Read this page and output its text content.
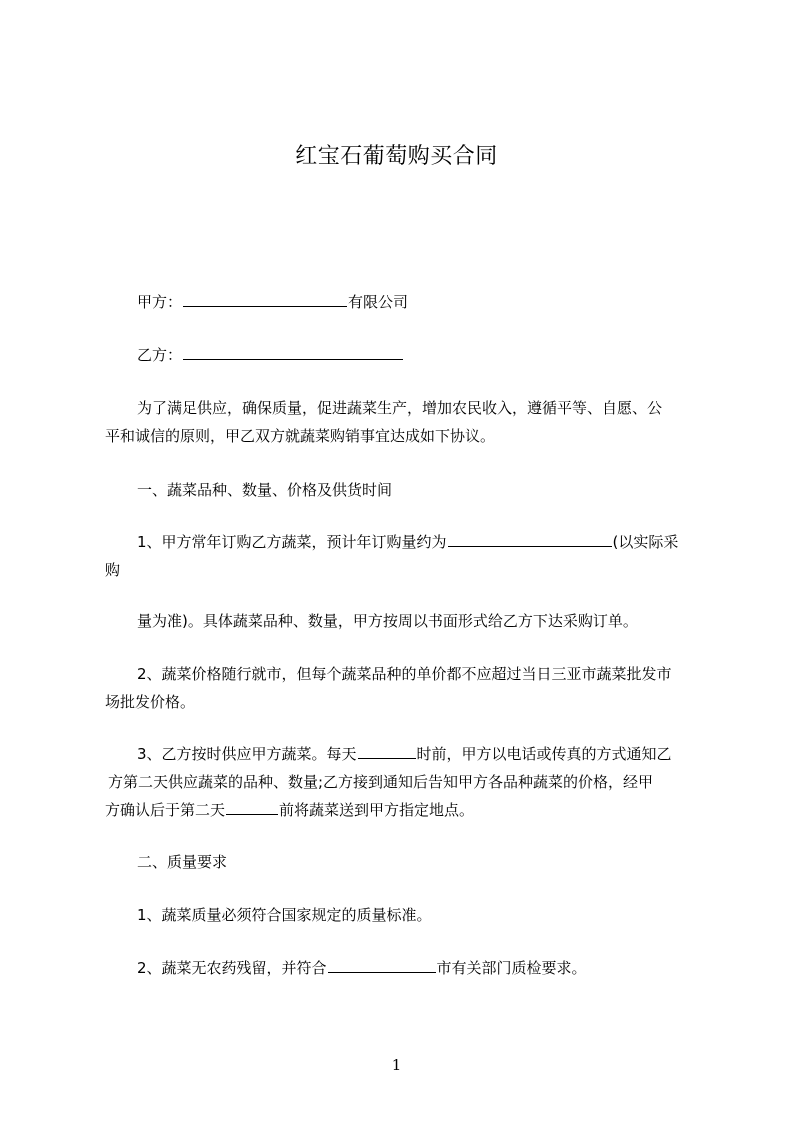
红宝石葡萄购买合同
甲方：	有限公司
乙方：
为了满足供应，确保质量，促进蔬菜生产，增加农民收入，遵循平等、自愿、公
平和诚信的原则，甲乙双方就蔬菜购销事宜达成如下协议。
一、蔬菜品种、数量、价格及供货时间
1、甲方常年订购乙方蔬菜，预计年订购量约为	(以实际采
购
量为准)。具体蔬菜品种、数量，甲方按周以书面形式给乙方下达采购订单。
2、蔬菜价格随行就市，但每个蔬菜品种的单价都不应超过当日三亚市蔬菜批发市
场批发价格。
3、乙方按时供应甲方蔬菜。每天	时前，甲方以电话或传真的方式通知乙
方第二天供应蔬菜的品种、数量;乙方接到通知后告知甲方各品种蔬菜的价格，经甲
方确认后于第二天	前将蔬菜送到甲方指定地点。
二、质量要求
1、蔬菜质量必须符合国家规定的质量标准。
2、蔬菜无农药残留，并符合	市有关部门质检要求。
1
